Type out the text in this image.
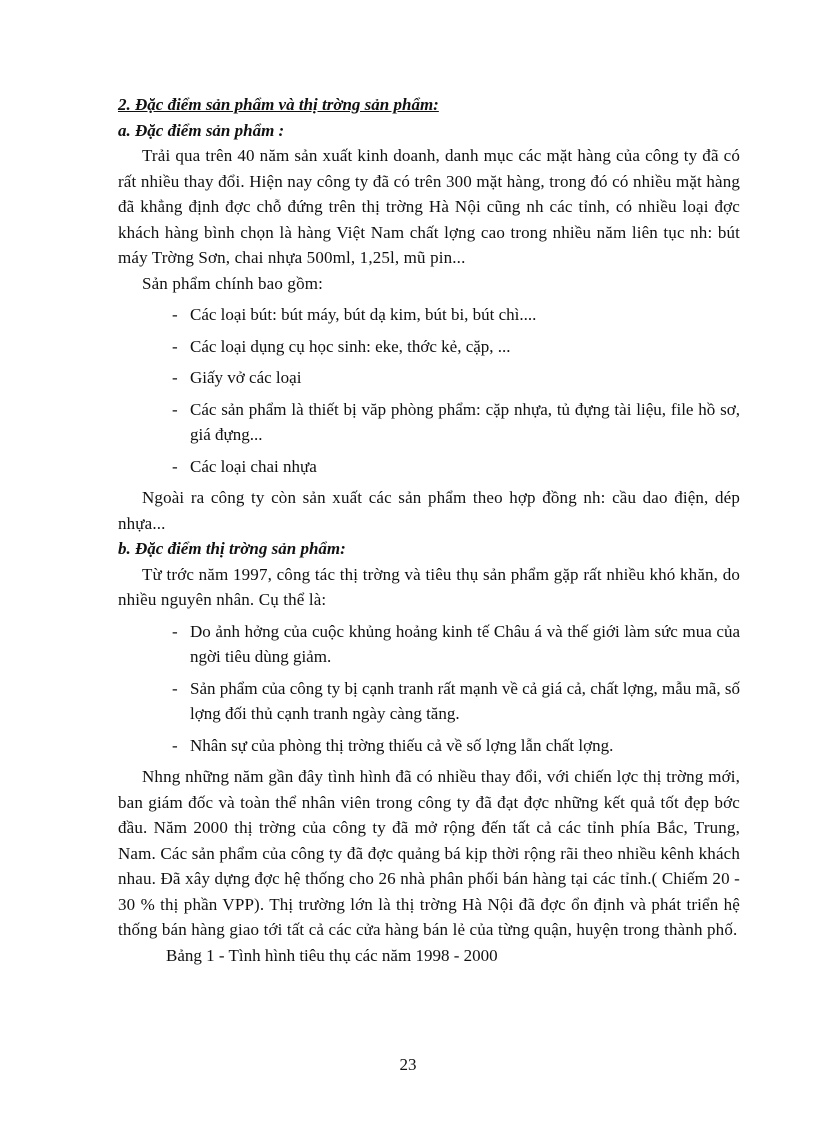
2. Đặc điểm sản phẩm và thị trờng sản phẩm:

a. Đặc điểm sản phẩm :

Trải qua trên 40 năm sản xuất kinh doanh, danh mục các mặt hàng của công ty đã có rất nhiều thay đổi. Hiện nay công ty đã có trên 300 mặt hàng, trong đó có nhiều mặt hàng đã khẳng định đợc chỗ đứng trên thị trờng Hà Nội cũng nh các tỉnh, có nhiều loại đợc khách hàng bình chọn là hàng Việt Nam chất lợng cao trong nhiều năm liên tục nh: bút máy Trờng Sơn, chai nhựa 500ml, 1,25l, mũ pin...

Sản phẩm chính bao gồm:

- Các loại bút: bút máy, bút dạ kim, bút bi, bút chì....
- Các loại dụng cụ học sinh: eke, thớc kẻ, cặp, ...
- Giấy vở các loại
- Các sản phẩm là thiết bị văp phòng phẩm: cặp nhựa, tủ đựng tài liệu, file hồ sơ, giá đựng...
- Các loại chai nhựa

Ngoài ra công ty còn sản xuất các sản phẩm theo hợp đồng nh: cầu dao điện, dép nhựa...

b. Đặc điểm thị trờng sản phẩm:

Từ trớc năm 1997, công tác thị trờng và tiêu thụ sản phẩm gặp rất nhiều khó khăn, do nhiều nguyên nhân. Cụ thể là:

- Do ảnh hởng của cuộc khủng hoảng kinh tế Châu á và thế giới làm sức mua của ngời tiêu dùng giảm.
- Sản phẩm của công ty bị cạnh tranh rất mạnh về cả giá cả, chất lợng, mẫu mã, số lợng đối thủ cạnh tranh ngày càng tăng.
- Nhân sự của phòng thị trờng thiếu cả về số lợng lẫn chất lợng.

Nhng những năm gần đây tình hình đã có nhiều thay đổi, với chiến lợc thị trờng mới, ban giám đốc và toàn thể nhân viên trong công ty đã đạt đợc những kết quả tốt đẹp bớc đầu. Năm 2000 thị trờng của công ty đã mở rộng đến tất cả các tỉnh phía Bắc, Trung, Nam. Các sản phẩm của công ty đã đợc quảng bá kịp thời rộng rãi theo nhiều kênh khách nhau. Đã xây dựng đợc hệ thống cho 26 nhà phân phối bán hàng tại các tỉnh.( Chiếm 20 - 30 % thị phần VPP). Thị trường lớn là thị trờng Hà Nội đã đợc ổn định và phát triển hệ thống bán hàng giao tới tất cả các cửa hàng bán lẻ của từng quận, huyện trong thành phố.

Bảng 1 - Tình hình tiêu thụ các năm 1998 - 2000

23
